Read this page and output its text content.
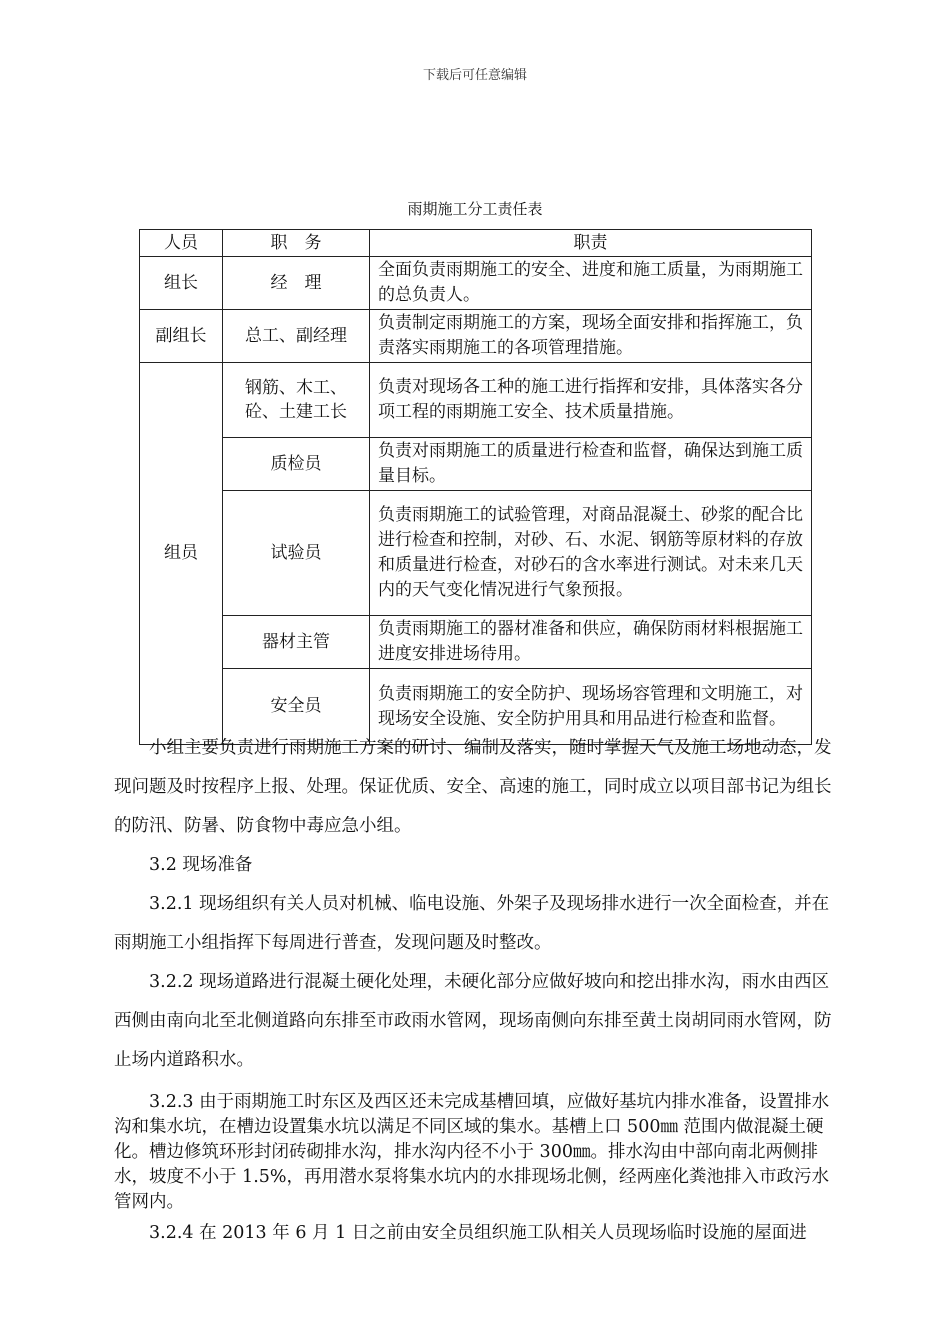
下载后可任意编辑
雨期施工分工责任表
人员	职　务	职责
组长	经　理	全面负责雨期施工的安全、进度和施工质量，为雨期施工的总负责人。
副组长	总工、副经理	负责制定雨期施工的方案，现场全面安排和指挥施工，负责落实雨期施工的各项管理措施。
组员	钢筋、木工、砼、土建工长	负责对现场各工种的施工进行指挥和安排，具体落实各分项工程的雨期施工安全、技术质量措施。
	质检员	负责对雨期施工的质量进行检查和监督，确保达到施工质量目标。
	试验员	负责雨期施工的试验管理，对商品混凝土、砂浆的配合比进行检查和控制，对砂、石、水泥、钢筋等原材料的存放和质量进行检查，对砂石的含水率进行测试。对未来几天内的天气变化情况进行气象预报。
	器材主管	负责雨期施工的器材准备和供应，确保防雨材料根据施工进度安排进场待用。
	安全员	负责雨期施工的安全防护、现场场容管理和文明施工，对现场安全设施、安全防护用具和用品进行检查和监督。

小组主要负责进行雨期施工方案的研讨、编制及落实，随时掌握天气及施工场地动态，发现问题及时按程序上报、处理。保证优质、安全、高速的施工，同时成立以项目部书记为组长的防汛、防暑、防食物中毒应急小组。

3.2 现场准备

3.2.1 现场组织有关人员对机械、临电设施、外架子及现场排水进行一次全面检查，并在雨期施工小组指挥下每周进行普查，发现问题及时整改。

3.2.2 现场道路进行混凝土硬化处理，未硬化部分应做好坡向和挖出排水沟，雨水由西区西侧由南向北至北侧道路向东排至市政雨水管网，现场南侧向东排至黄土岗胡同雨水管网，防止场内道路积水。

3.2.3 由于雨期施工时东区及西区还未完成基槽回填，应做好基坑内排水准备，设置排水沟和集水坑，在槽边设置集水坑以满足不同区域的集水。基槽上口 500㎜ 范围内做混凝土硬化。槽边修筑环形封闭砖砌排水沟，排水沟内径不小于 300㎜。排水沟由中部向南北两侧排水，坡度不小于 1.5%，再用潜水泵将集水坑内的水排现场北侧，经两座化粪池排入市政污水管网内。

3.2.4 在 2013 年 6 月 1 日之前由安全员组织施工队相关人员现场临时设施的屋面进
